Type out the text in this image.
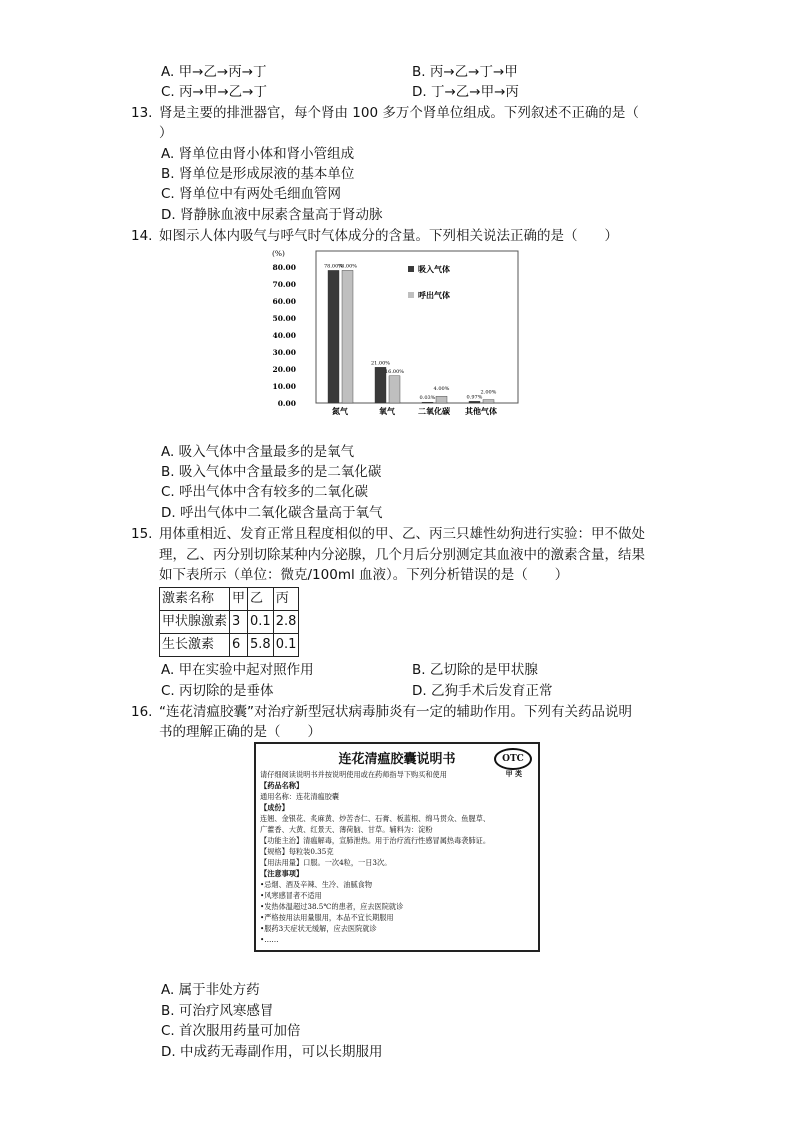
A. 甲→乙→丙→丁	B. 丙→乙→丁→甲
C. 丙→甲→乙→丁	D. 丁→乙→甲→丙
13. 肾是主要的排泄器官，每个肾由 100 多万个肾单位组成。下列叙述不正确的是（
）
A. 肾单位由肾小体和肾小管组成
B. 肾单位是形成尿液的基本单位
C. 肾单位中有两处毛细血管网
D. 肾静脉血液中尿素含量高于肾动脉
14. 如图示人体内吸气与呼气时气体成分的含量。下列相关说法正确的是（　　）
(%)
0.00
10.00
20.00
30.00
40.00
50.00
60.00
70.00
80.00	78.00%
78.00%
氮气
21.00%
16.00%
氧气
0.03%
4.00%
二氧化碳
0.97%
2.00%
其他气体
吸入气体
呼出气体
A. 吸入气体中含量最多的是氧气
B. 吸入气体中含量最多的是二氧化碳
C. 呼出气体中含有较多的二氧化碳
D. 呼出气体中二氧化碳含量高于氧气
15. 用体重相近、发育正常且程度相似的甲、乙、丙三只雄性幼狗进行实验：甲不做处
理，乙、丙分别切除某种内分泌腺，几个月后分别测定其血液中的激素含量，结果
如下表所示（单位：微克/100ml 血液）。下列分析错误的是（　　）
激素名称	甲	乙	丙
甲状腺激素	3	0.1	2.8
生长激素	6	5.8	0.1
A. 甲在实验中起对照作用	B. 乙切除的是甲状腺
C. 丙切除的是垂体	D. 乙狗手术后发育正常
16. “连花清瘟胶囊”对治疗新型冠状病毒肺炎有一定的辅助作用。下列有关药品说明
书的理解正确的是（　　）
连花清瘟胶囊说明书	OTC
甲 类
请仔细阅读说明书并按说明使用或在药师指导下购买和使用
【药品名称】
通用名称：连花清瘟胶囊
【成份】
连翘、金银花、炙麻黄、炒苦杏仁、石膏、板蓝根、绵马贯众、鱼腥草、
广藿香、大黄、红景天、薄荷脑、甘草。辅料为：淀粉
【功能主治】清瘟解毒，宣肺泄热。用于治疗流行性感冒属热毒袭肺证。
【规格】每粒装0.35克
【用法用量】口服。一次4粒，一日3次。
【注意事项】
•忌烟、酒及辛辣、生冷、油腻食物
•风寒感冒者不适用
•发热体温超过38.5℃的患者，应去医院就诊
•严格按用法用量服用，本品不宜长期服用
•服药3天症状无缓解，应去医院就诊
•……
A. 属于非处方药
B. 可治疗风寒感冒
C. 首次服用药量可加倍
D. 中成药无毒副作用，可以长期服用
